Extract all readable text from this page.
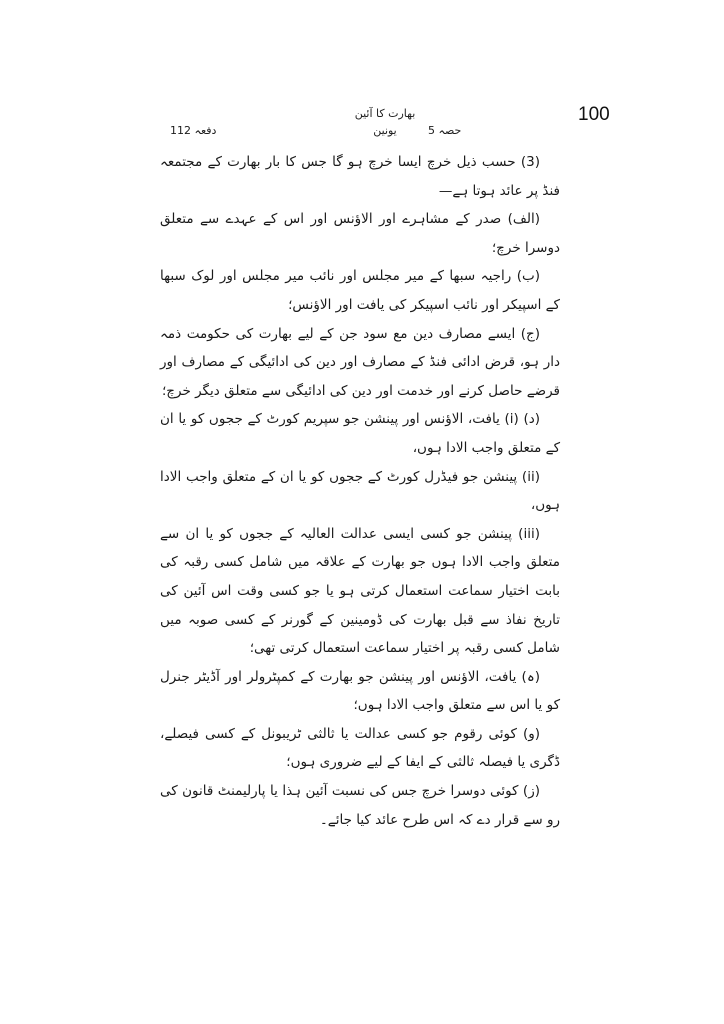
100
بھارت کا آئین
یونین	حصہ 5
دفعہ 112

(3) حسب ذیل خرچ ایسا خرچ ہو گا جس کا بار بھارت کے مجتمعہ فنڈ پر عائد ہوتا ہے—

(الف) صدر کے مشاہرے اور الاؤنس اور اس کے عہدے سے متعلق دوسرا خرچ؛

(ب) راجیہ سبھا کے میر مجلس اور نائب میر مجلس اور لوک سبھا کے اسپیکر اور نائب اسپیکر کی یافت اور الاؤنس؛

(ج) ایسے مصارف دین مع سود جن کے لیے بھارت کی حکومت ذمہ دار ہو، قرض ادائی فنڈ کے مصارف اور دین کی ادائیگی کے مصارف اور قرضے حاصل کرنے اور خدمت اور دین کی ادائیگی سے متعلق دیگر خرچ؛

(د) (i) یافت، الاؤنس اور پینشن جو سپریم کورٹ کے ججوں کو یا ان کے متعلق واجب الادا ہوں،

(ii) پینشن جو فیڈرل کورٹ کے ججوں کو یا ان کے متعلق واجب الادا ہوں،

(iii) پینشن جو کسی ایسی عدالت العالیہ کے ججوں کو یا ان سے متعلق واجب الادا ہوں جو بھارت کے علاقہ میں شامل کسی رقبہ کی بابت اختیار سماعت استعمال کرتی ہو یا جو کسی وقت اس آئین کی تاریخ نفاذ سے قبل بھارت کی ڈومینین کے گورنر کے کسی صوبہ میں شامل کسی رقبہ پر اختیار سماعت استعمال کرتی تھی؛

(ہ) یافت، الاؤنس اور پینشن جو بھارت کے کمپٹرولر اور آڈیٹر جنرل کو یا اس سے متعلق واجب الادا ہوں؛

(و) کوئی رقوم جو کسی عدالت یا ثالثی ٹریبونل کے کسی فیصلے، ڈگری یا فیصلہ ثالثی کے ایفا کے لیے ضروری ہوں؛

(ز) کوئی دوسرا خرچ جس کی نسبت آئین ہذا یا پارلیمنٹ قانون کی رو سے قرار دے کہ اس طرح عائد کیا جائے۔
